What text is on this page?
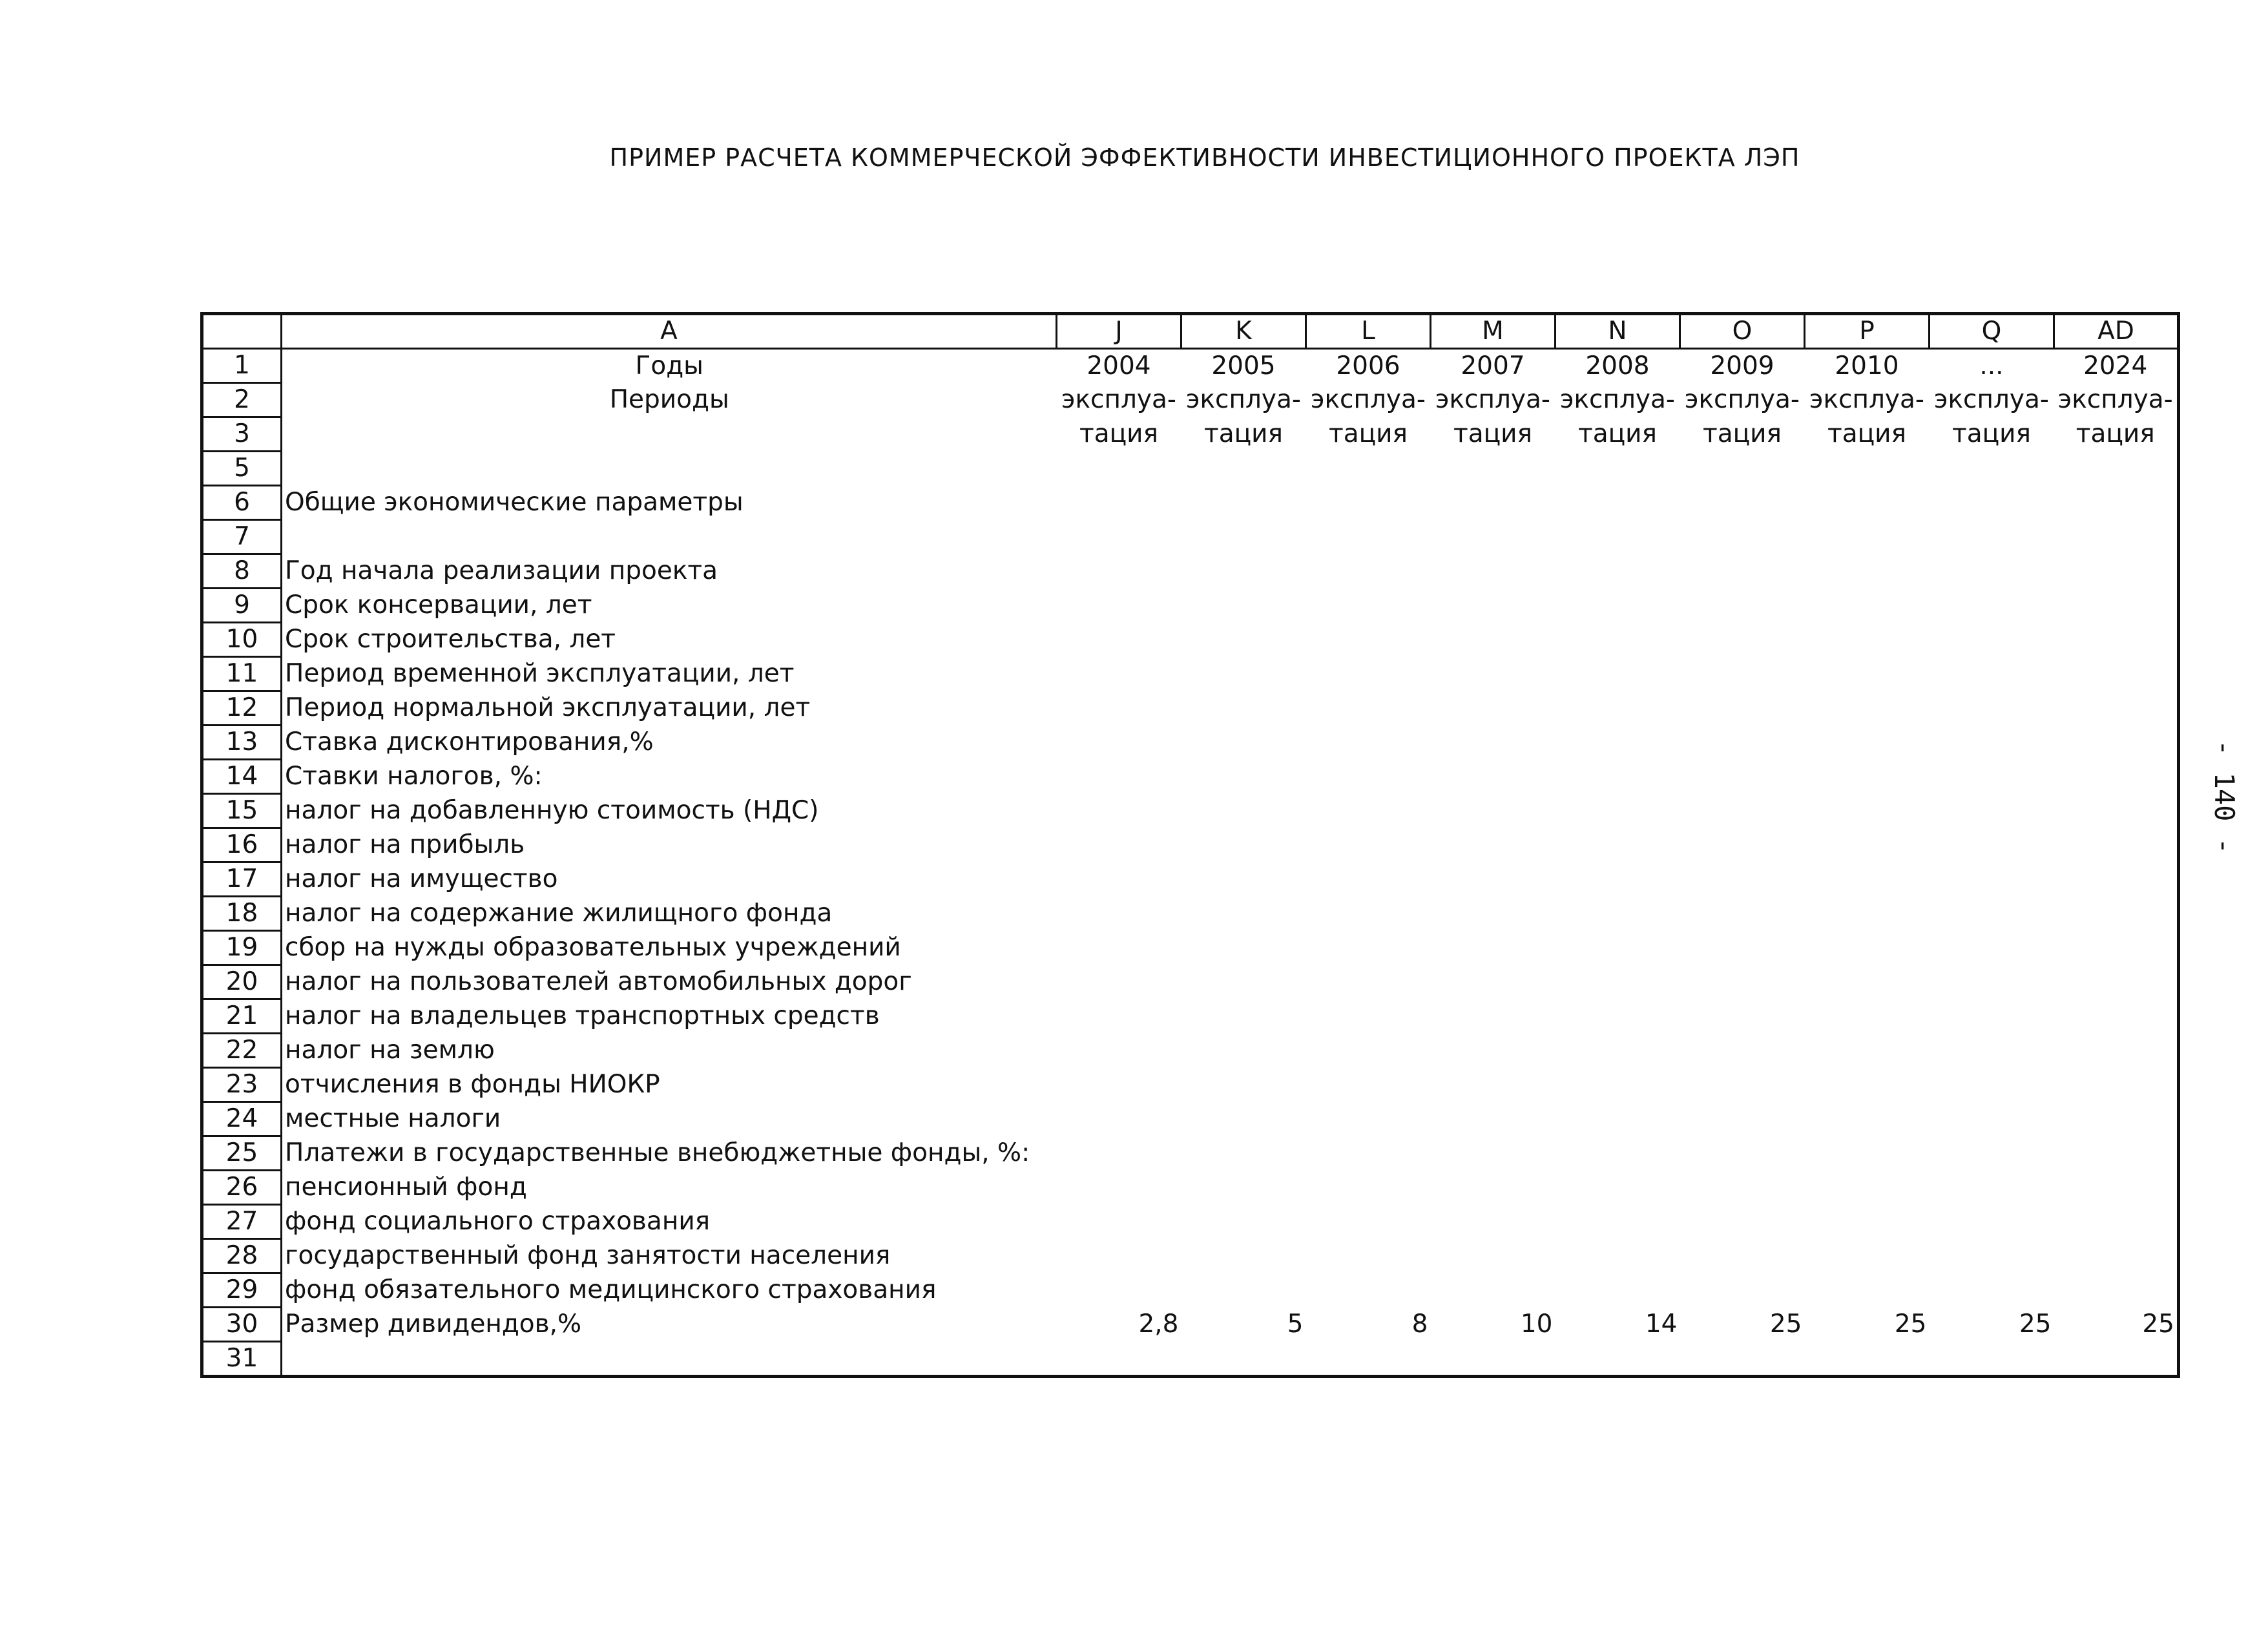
ПРИМЕР РАСЧЕТА КОММЕРЧЕСКОЙ ЭФФЕКТИВНОСТИ ИНВЕСТИЦИОННОГО ПРОЕКТА ЛЭП
- 140 -
	A	J	K	L	M	N	O	P	Q	AD
1	Годы	2004	2005	2006	2007	2008	2009	2010	...	2024
2	Периоды	эксплуа-	эксплуа-	эксплуа-	эксплуа-	эксплуа-	эксплуа-	эксплуа-	эксплуа-	эксплуа-
3		тация	тация	тация	тация	тация	тация	тация	тация	тация
5										
6	Общие экономические параметры									
7										
8	Год начала реализации проекта									
9	Срок консервации, лет									
10	Срок строительства, лет									
11	Период временной эксплуатации, лет									
12	Период нормальной эксплуатации, лет									
13	Ставка дисконтирования,%									
14	Ставки налогов, %:									
15	налог на добавленную стоимость (НДС)									
16	налог на прибыль									
17	налог на имущество									
18	налог на содержание жилищного фонда									
19	сбор на нужды образовательных учреждений									
20	налог на пользователей автомобильных дорог									
21	налог на владельцев транспортных средств									
22	налог на землю									
23	отчисления в фонды НИОКР									
24	местные налоги									
25	Платежи в государственные внебюджетные фонды, %:									
26	пенсионный фонд									
27	фонд социального страхования									
28	государственный фонд занятости населения									
29	фонд обязательного медицинского страхования									
30	Размер дивидендов,%	2,8	5	8	10	14	25	25	25	25
31										
